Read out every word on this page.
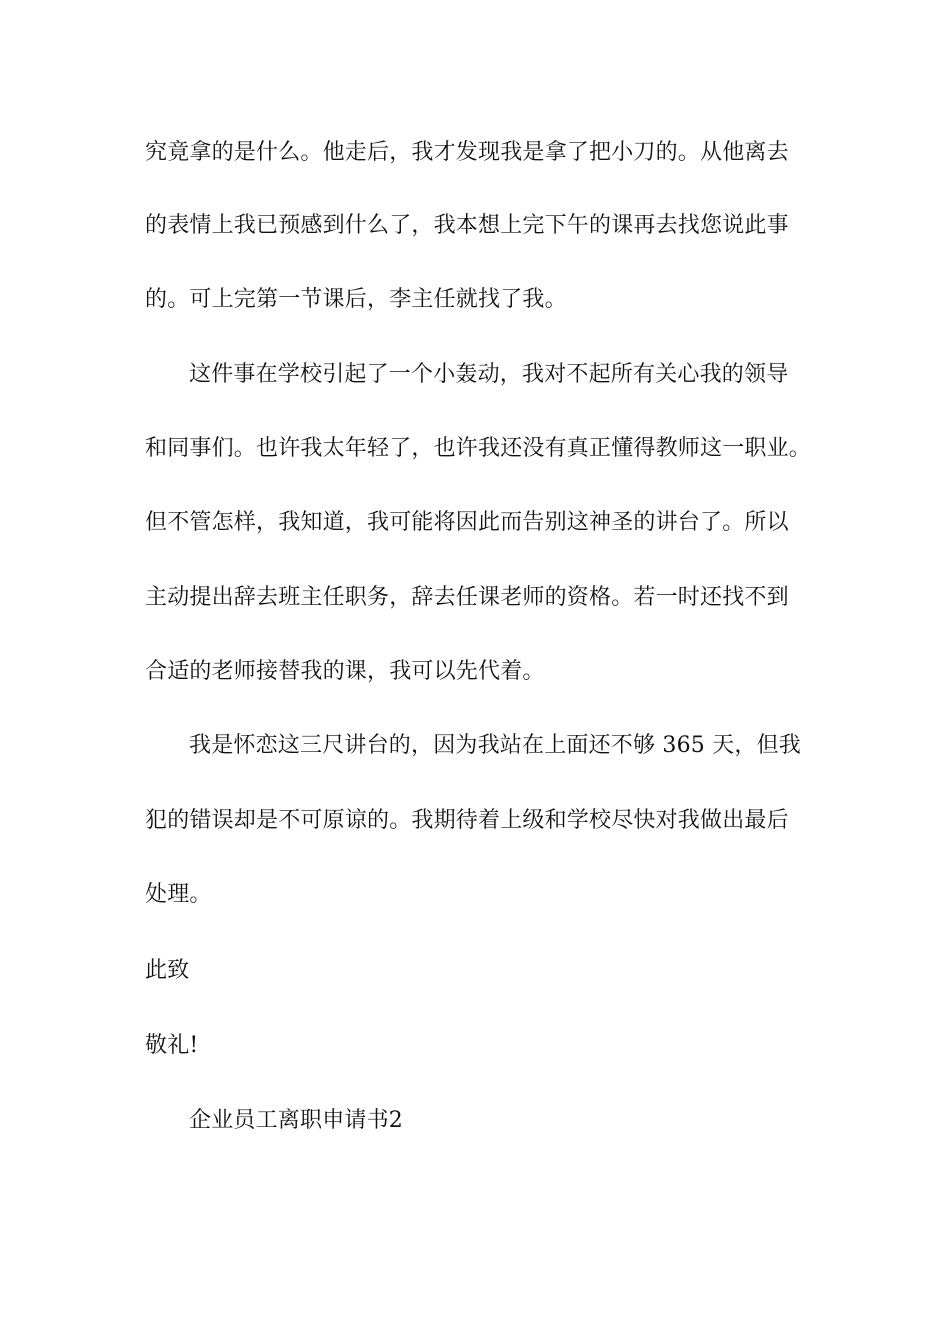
究竟拿的是什么。他走后，我才发现我是拿了把小刀的。从他离去
的表情上我已预感到什么了，我本想上完下午的课再去找您说此事
的。可上完第一节课后，李主任就找了我。
这件事在学校引起了一个小轰动，我对不起所有关心我的领导
和同事们。也许我太年轻了，也许我还没有真正懂得教师这一职业。
但不管怎样，我知道，我可能将因此而告别这神圣的讲台了。所以
主动提出辞去班主任职务，辞去任课老师的资格。若一时还找不到
合适的老师接替我的课，我可以先代着。
我是怀恋这三尺讲台的，因为我站在上面还不够 365 天，但我
犯的错误却是不可原谅的。我期待着上级和学校尽快对我做出最后
处理。
此致
敬礼!
企业员工离职申请书2
